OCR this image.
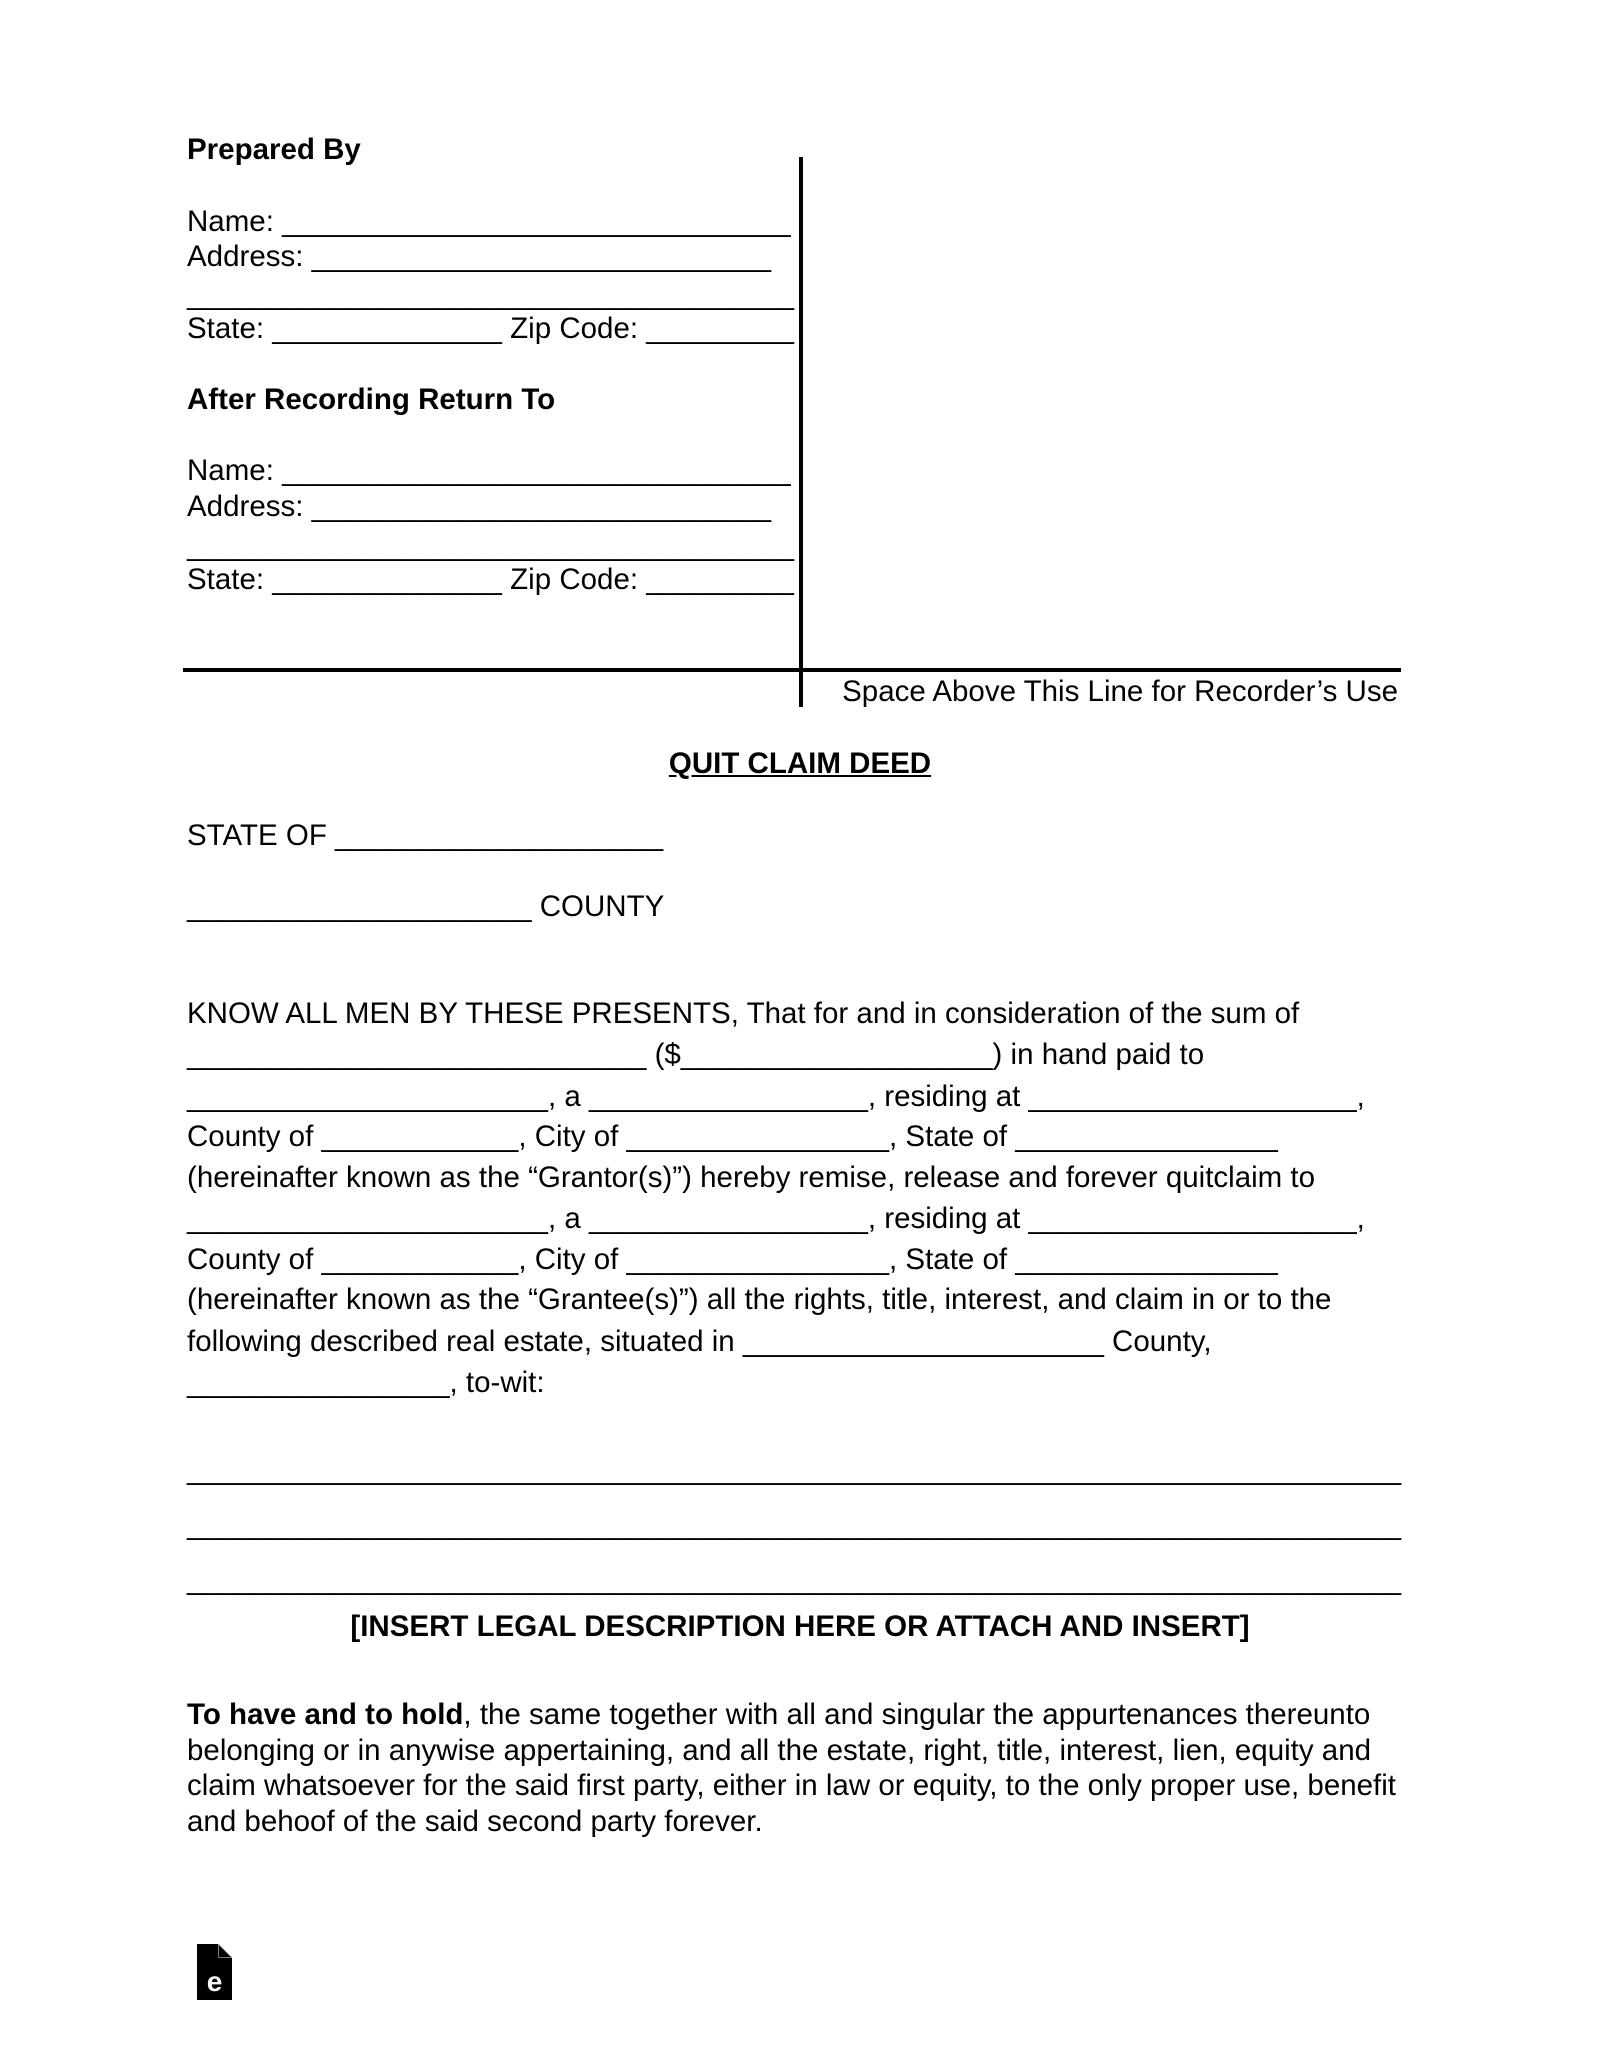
Prepared By
Name: _______________________________
Address: ____________________________
_____________________________________
State: ______________ Zip Code: _________
After Recording Return To
Name: _______________________________
Address: ____________________________
_____________________________________
State: ______________ Zip Code: _________
Space Above This Line for Recorder’s Use
QUIT CLAIM DEED
STATE OF ____________________
_____________________ COUNTY
KNOW ALL MEN BY THESE PRESENTS, That for and in consideration of the sum of
____________________________ ($___________________) in hand paid to
______________________, a _________________, residing at ____________________,
County of ____________, City of ________________, State of ________________
(hereinafter known as the “Grantor(s)”) hereby remise, release and forever quitclaim to
______________________, a _________________, residing at ____________________,
County of ____________, City of ________________, State of ________________
(hereinafter known as the “Grantee(s)”) all the rights, title, interest, and claim in or to the
following described real estate, situated in ______________________ County,
________________, to-wit:
__________________________________________________________________________
__________________________________________________________________________
__________________________________________________________________________
[INSERT LEGAL DESCRIPTION HERE OR ATTACH AND INSERT]
To have and to hold, the same together with all and singular the appurtenances thereunto belonging or in anywise appertaining, and all the estate, right, title, interest, lien, equity and claim whatsoever for the said first party, either in law or equity, to the only proper use, benefit and behoof of the said second party forever.
e
